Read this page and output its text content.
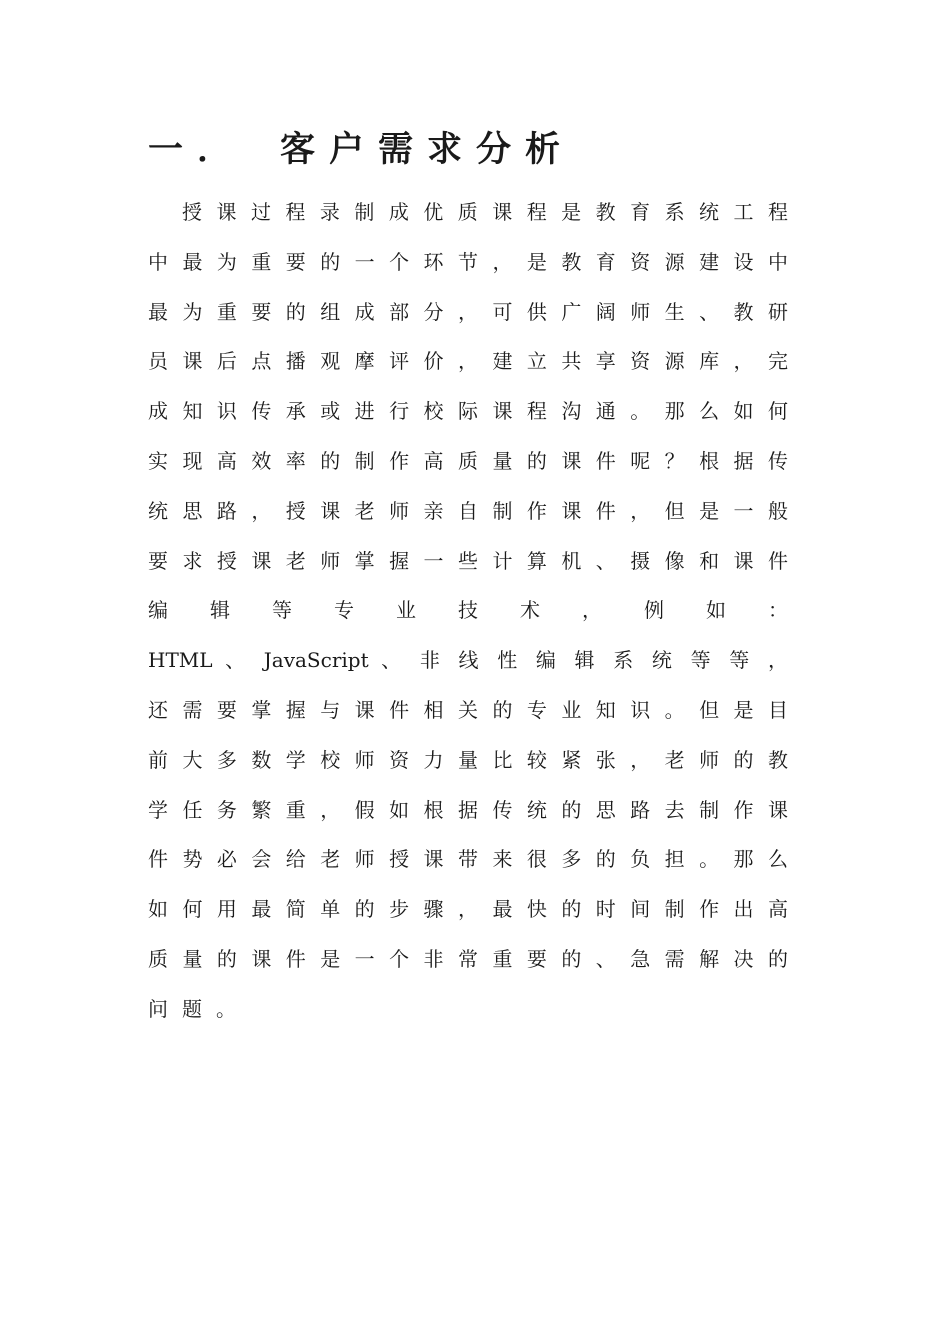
一． 客户需求分析
授 课 过 程 录 制 成 优 质 课 程 是 教 育 系 统 工 程
中 最 为 重 要 的 一 个 环 节 ， 是 教 育 资 源 建 设 中
最 为 重 要 的 组 成 部 分 ， 可 供 广 阔 师 生 、 教 研
员 课 后 点 播 观 摩 评 价 ， 建 立 共 享 资 源 库 ， 完
成 知 识 传 承 或 进 行 校 际 课 程 沟 通 。 那 么 如 何
实 现 高 效 率 的 制 作 高 质 量 的 课 件 呢 ？ 根 据 传
统 思 路 ， 授 课 老 师 亲 自 制 作 课 件 ， 但 是 一 般
要 求 授 课 老 师 掌 握 一 些 计 算 机 、 摄 像 和 课 件
编 辑 等 专 业 技 术 ， 例 如 ：
HTML 、 JavaScript 、 非 线 性 编 辑 系 统 等 等 ，
还 需 要 掌 握 与 课 件 相 关 的 专 业 知 识 。 但 是 目
前 大 多 数 学 校 师 资 力 量 比 较 紧 张 ， 老 师 的 教
学 任 务 繁 重 ， 假 如 根 据 传 统 的 思 路 去 制 作 课
件 势 必 会 给 老 师 授 课 带 来 很 多 的 负 担 。 那 么
如 何 用 最 简 单 的 步 骤 ， 最 快 的 时 间 制 作 出 高
质 量 的 课 件 是 一 个 非 常 重 要 的 、 急 需 解 决 的
问题。
